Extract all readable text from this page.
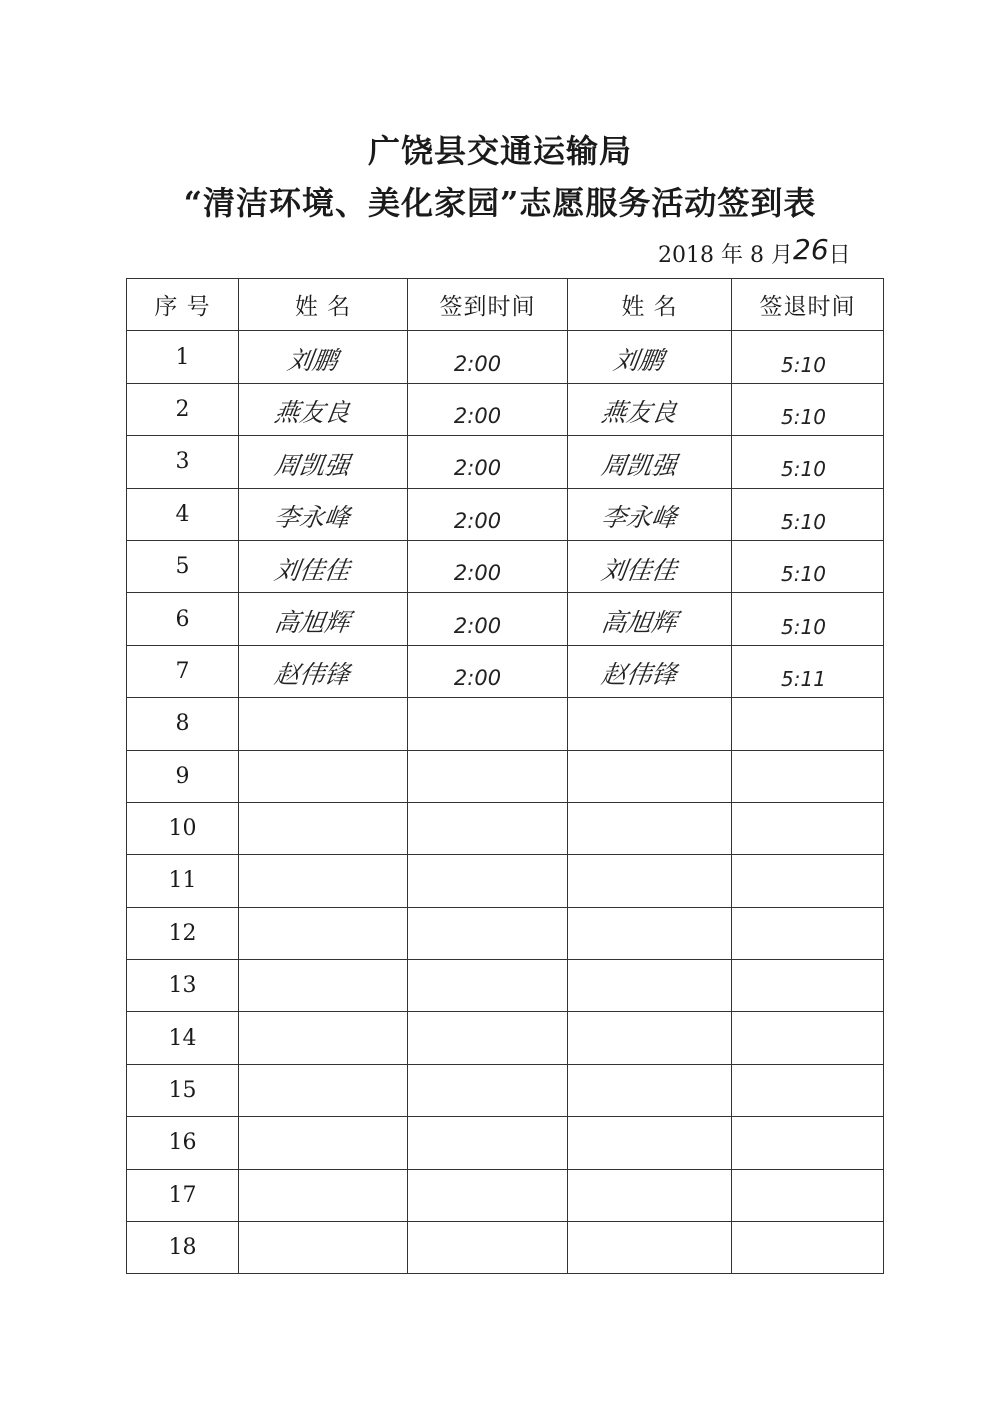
广饶县交通运输局
“清洁环境、美化家园”志愿服务活动签到表
2018 年 8 月26日
序 号	姓 名	签到时间	姓 名	签退时间
1	刘鹏	2:00	刘鹏	5:10
2	燕友良	2:00	燕友良	5:10
3	周凯强	2:00	周凯强	5:10
4	李永峰	2:00	李永峰	5:10
5	刘佳佳	2:00	刘佳佳	5:10
6	高旭辉	2:00	高旭辉	5:10
7	赵伟锋	2:00	赵伟锋	5:11
8				
9				
10				
11				
12				
13				
14				
15				
16				
17				
18				
